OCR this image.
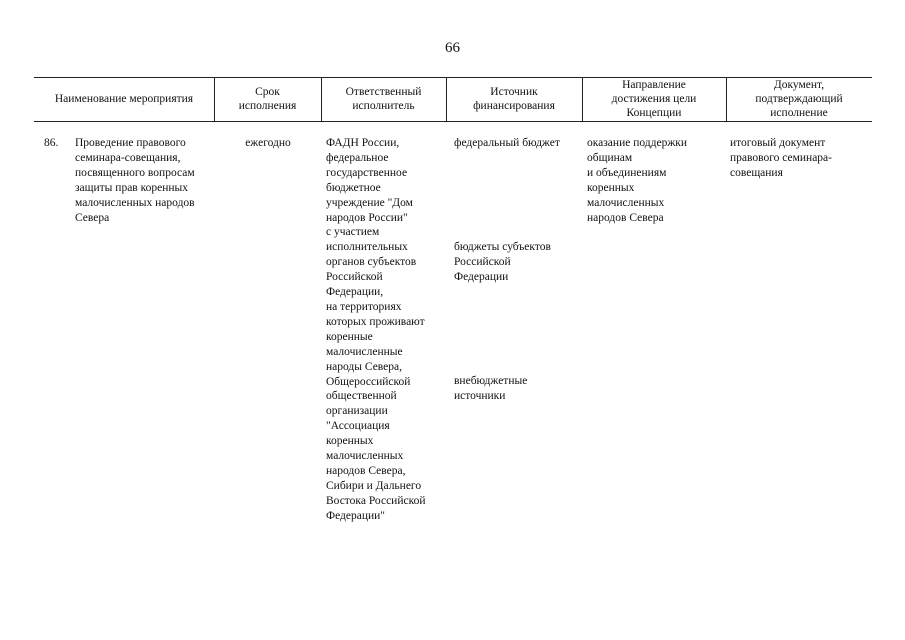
66
Наименование мероприятия
Срок
исполнения
Ответственный
исполнитель
Источник
финансирования
Направление
достижения цели
Концепции
Документ,
подтверждающий
исполнение
86. Проведение правового
семинара-совещания,
посвященного вопросам
защиты прав коренных
малочисленных народов
Севера
ежегодно	ФАДН России,
федеральное
государственное
бюджетное
учреждение "Дом
народов России"
с участием
исполнительных
органов субъектов
Российской
Федерации,
на территориях
которых проживают
коренные
малочисленные
народы Севера,
Общероссийской
общественной
организации
"Ассоциация
коренных
малочисленных
народов Севера,
Сибири и Дальнего
Востока Российской
Федерации"
федеральный бюджет
бюджеты субъектов
Российской
Федерации
внебюджетные
источники
оказание поддержки
общинам
и объединениям
коренных
малочисленных
народов Севера
итоговый документ
правового семинара-
совещания
